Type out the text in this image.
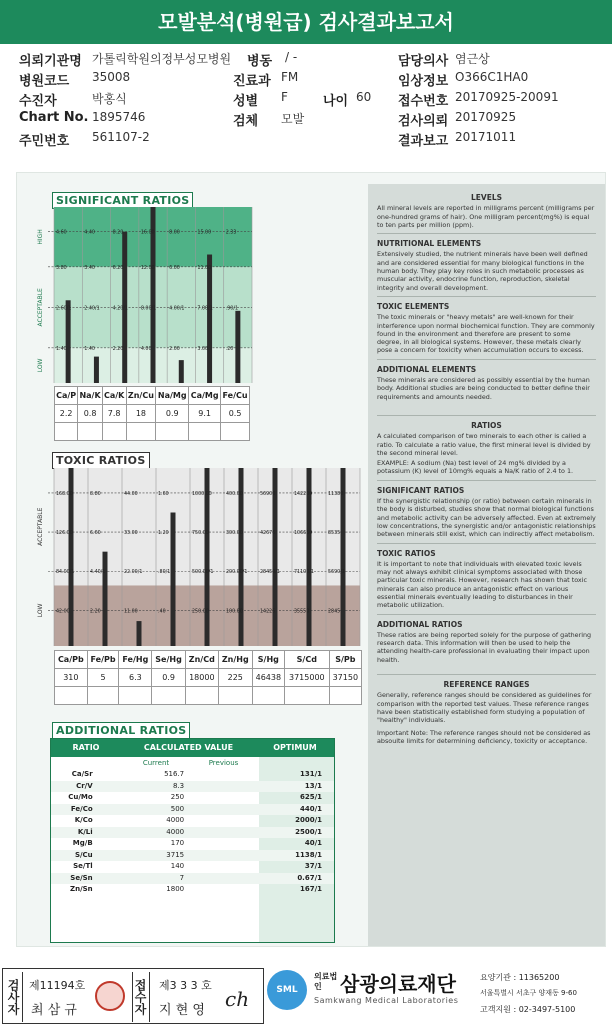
모발분석(병원급) 검사결과보고서
의뢰기관명 가톨릭학원의정부성모병원 병동 / -	담당의사 염근상
병원코드 35008	진료과 FM	임상정보 O366C1HA0
수진자	박홍식	성별 F	나이 60 접수번호 20170925-20091
Chart No. 1895746	검체 모발	검사의뢰 20170925
주민번호 561107-2	결과보고 20171011
SIGNIFICANT RATIOS
HIGH
ACCEPTABLE
LOW
4.60
3.80
2.60/1
1.40
4.40
3.40
2.40/1
1.40
8.20
6.20
4.20/1
2.20
16.00
12.00
8.00/1
4.00
8.00
6.00
4.00/1
2.00
15.00
11.00
7.00/1
3.00
2.33
.90/1
.20
Ca/P	Na/K	Ca/K	Zn/Cu	Na/Mg	Ca/Mg	Fe/Cu
2.2	0.8	7.8	18	0.9	9.1	0.5

TOXIC RATIOS
ACCEPTABLE
LOW
168.00
126.00
84.00/1
42.00
8.80
6.60
4.40/1
2.20
44.00
33.00
22.00/1
11.00
1.60
1.20
.80/1
.40
1000.00
750.00
500.00/1
250.00
400.00
300.00
200.00/1
100.00
56900
42675
28450/1
14225
142200
106650
71100/1
35550
11380
8535
5690/1
2845
Ca/Pb	Fe/Pb	Fe/Hg	Se/Hg	Zn/Cd	Zn/Hg	S/Hg	S/Cd	S/Pb
310	5	6.3	0.9	18000	225	46438	3715000	37150

ADDITIONAL RATIOS
RATIO	CALCULATED VALUE	OPTIMUM
Current	Previous
Ca/Sr	516.7	131/1
Cr/V	8.3	13/1
Cu/Mo	250	625/1
Fe/Co	500	440/1
K/Co	4000	2000/1
K/Li	4000	2500/1
Mg/B	170	40/1
S/Cu	3715	1138/1
Se/Tl	140	37/1
Se/Sn	7	0.67/1
Zn/Sn	1800	167/1
LEVELS
All mineral levels are reported in milligrams percent (milligrams per one-hundred grams of hair). One milligram percent(mg%) is equal to ten parts per million (ppm).
NUTRITIONAL ELEMENTS
Extensively studied, the nutrient minerals have been well defined and are considered essential for many biological functions in the human body. They play key roles in such metabolic processes as muscular activity, endocrine function, reproduction, skeletal integrity and overall development.
TOXIC ELEMENTS
The toxic minerals or "heavy metals" are well-known for their interference upon normal biochemical function. They are commonly found in the environment and therefore are present to some degree, in all biological systems. However, these metals clearly pose a concern for toxicity when accumulation occurs to excess.
ADDITIONAL ELEMENTS
These minerals are considered as possibly essential by the human body. Additional studies are being conducted to better define their requirements and amounts needed.
RATIOS
A calculated comparison of two minerals to each other is called a ratio. To calculate a ratio value, the first mineral level is divided by the second mineral level.
EXAMPLE: A sodium (Na) test level of 24 mg% divided by a potassium (K) level of 10mg% equals a Na/K ratio of 2.4 to 1.
SIGNIFICANT RATIOS
If the synergistic relationship (or ratio) between certain minerals in the body is disturbed, studies show that normal biological functions and metabolic activity can be adversely affected. Even at extremely low concentrations, the synergistic and/or antagonistic relationships between minerals still exist, which can indirectly affect metabolism.
TOXIC RATIOS
It is important to note that individuals with elevated toxic levels may not always exhibit clinical symptoms associated with those particular toxic minerals. However, research has shown that toxic minerals can also produce an antagonistic effect on various essential minerals eventually leading to disturbances in their metabolic utilization.
ADDITIONAL RATIOS
These ratios are being reported solely for the purpose of gathering research data. This information will then be used to help the attending health-care professional in evaluating their impact upon health.
REFERENCE RANGES
Generally, reference ranges should be considered as guidelines for comparison with the reported test values. These reference ranges have been statistically established form studying a population of "healthy" individuals.
Important Note: The reference ranges should not be considered as absoulte limits for determining deficiency, toxicity or acceptance.
검사자 제11194호
최 삼 규	접수자 제3 3 3 호
지 현 영 ch	SML
의료법인 삼광의료재단
Samkwang Medical Laboratories
요양기관 : 11365200
서울특별시 서초구 양재동 9-60
고객지원 : 02-3497-5100
